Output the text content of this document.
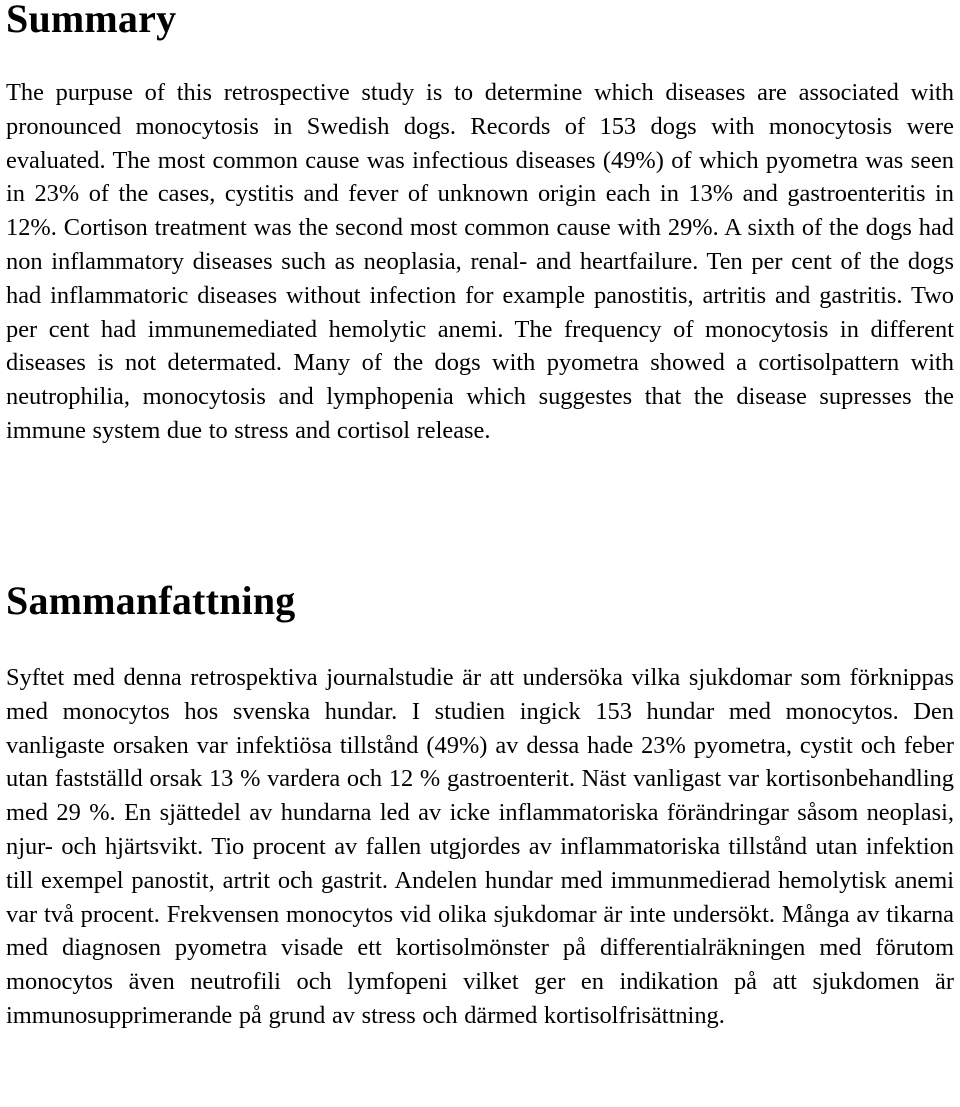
Summary

The purpuse of this retrospective study is to determine which diseases are associated with pronounced monocytosis in Swedish dogs. Records of 153 dogs with monocytosis were evaluated. The most common cause was infectious diseases (49%) of which pyometra was seen in 23% of the cases, cystitis and fever of unknown origin each in 13% and gastroenteritis in 12%. Cortison treatment was the second most common cause with 29%. A sixth of the dogs had non inflammatory diseases such as neoplasia, renal- and heartfailure. Ten per cent of the dogs had inflammatoric diseases without infection for example panostitis, artritis and gastritis. Two per cent had immunemediated hemolytic anemi. The frequency of monocytosis in different diseases is not determated. Many of the dogs with pyometra showed a cortisolpattern with neutrophilia, monocytosis and lymphopenia which suggestes that the disease supresses the immune system due to stress and cortisol release.

Sammanfattning

Syftet med denna retrospektiva journalstudie är att undersöka vilka sjukdomar som förknippas med monocytos hos svenska hundar. I studien ingick 153 hundar med monocytos. Den vanligaste orsaken var infektiösa tillstånd (49%) av dessa hade 23% pyometra, cystit och feber utan fastställd orsak 13 % vardera och 12 % gastroenterit. Näst vanligast var kortisonbehandling med 29 %. En sjättedel av hundarna led av icke inflammatoriska förändringar såsom neoplasi, njur- och hjärtsvikt. Tio procent av fallen utgjordes av inflammatoriska tillstånd utan infektion till exempel panostit, artrit och gastrit. Andelen hundar med immunmedierad hemolytisk anemi var två procent. Frekvensen monocytos vid olika sjukdomar är inte undersökt. Många av tikarna med diagnosen pyometra visade ett kortisolmönster på differentialräkningen med förutom monocytos även neutrofili och lymfopeni vilket ger en indikation på att sjukdomen är immunosupprimerande på grund av stress och därmed kortisolfrisättning.
